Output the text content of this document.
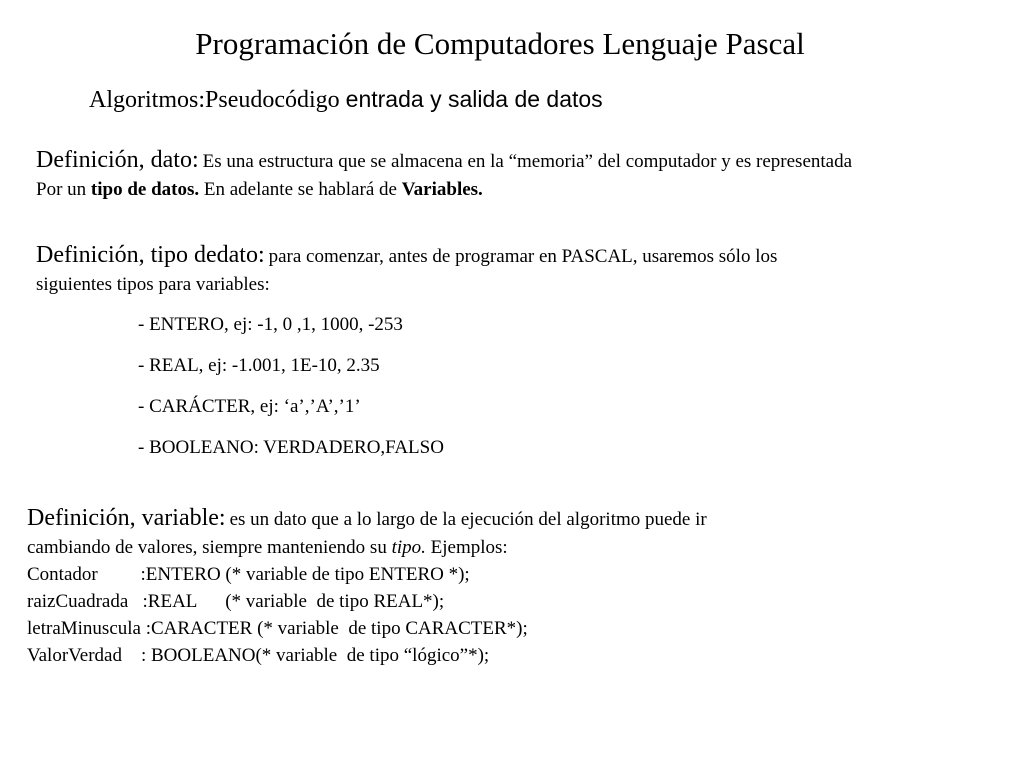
Programación de Computadores Lenguaje Pascal
Algoritmos:Pseudocódigo entrada y salida de datos
Definición, dato: Es una estructura que se almacena en la “memoria” del computador y es representada
Por un tipo de datos. En adelante se hablará de Variables.
Definición, tipo dedato: para comenzar, antes de programar en PASCAL, usaremos sólo los
siguientes tipos para variables:
- ENTERO, ej: -1, 0 ,1, 1000, -253
- REAL, ej: -1.001, 1E-10, 2.35
- CARÁCTER, ej: ‘a’,’A’,’1’
- BOOLEANO: VERDADERO,FALSO
Definición, variable: es un dato que a lo largo de la ejecución del algoritmo puede ir
cambiando de valores, siempre manteniendo su tipo. Ejemplos:
Contador         :ENTERO (* variable de tipo ENTERO *);
raizCuadrada   :REAL      (* variable  de tipo REAL*);
letraMinuscula :CARACTER (* variable  de tipo CARACTER*);
ValorVerdad    : BOOLEANO(* variable  de tipo “lógico”*);
